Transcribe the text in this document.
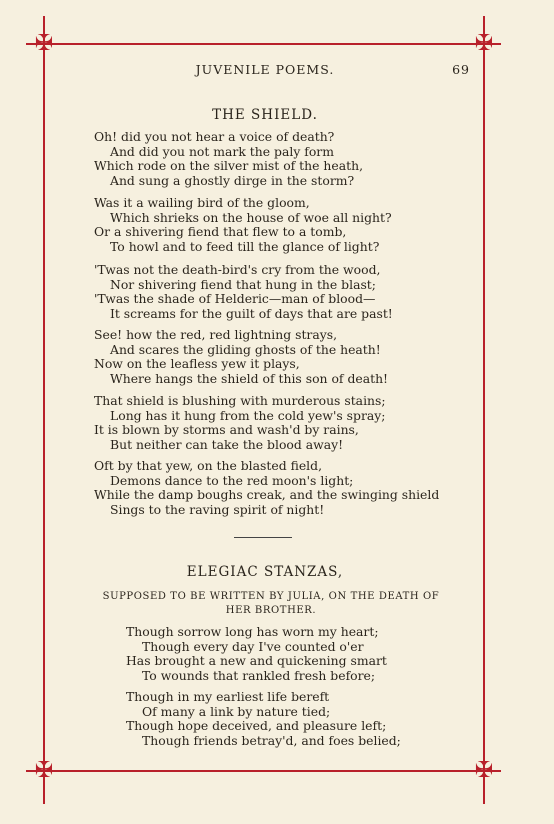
✠	✠
✠	✠
JUVENILE POEMS.	69
THE SHIELD.
Oh! did you not hear a voice of death?
And did you not mark the paly form
Which rode on the silver mist of the heath,
And sung a ghostly dirge in the storm?
Was it a wailing bird of the gloom,
Which shrieks on the house of woe all night?
Or a shivering fiend that flew to a tomb,
To howl and to feed till the glance of light?
'Twas not the death-bird's cry from the wood,
Nor shivering fiend that hung in the blast;
'Twas the shade of Helderic—man of blood—
It screams for the guilt of days that are past!
See! how the red, red lightning strays,
And scares the gliding ghosts of the heath!
Now on the leafless yew it plays,
Where hangs the shield of this son of death!
That shield is blushing with murderous stains;
Long has it hung from the cold yew's spray;
It is blown by storms and wash'd by rains,
But neither can take the blood away!
Oft by that yew, on the blasted field,
Demons dance to the red moon's light;
While the damp boughs creak, and the swinging shield
Sings to the raving spirit of night!
ELEGIAC STANZAS,
SUPPOSED TO BE WRITTEN BY JULIA, ON THE DEATH OF
HER BROTHER.
Though sorrow long has worn my heart;
Though every day I've counted o'er
Has brought a new and quickening smart
To wounds that rankled fresh before;
Though in my earliest life bereft
Of many a link by nature tied;
Though hope deceived, and pleasure left;
Though friends betray'd, and foes belied;
